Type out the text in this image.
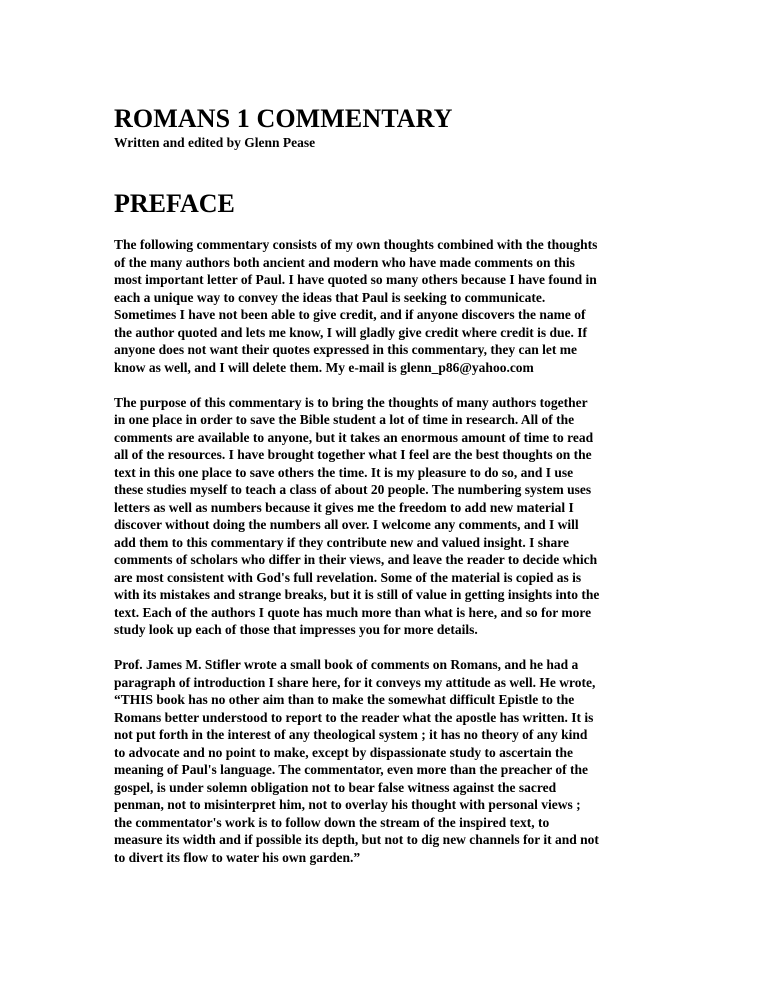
ROMANS 1 COMMENTARY

Written and edited by Glenn Pease

PREFACE

The following commentary consists of my own thoughts combined with the thoughts
of the many authors both ancient and modern who have made comments on this
most important letter of Paul. I have quoted so many others because I have found in
each a unique way to convey the ideas that Paul is seeking to communicate.
Sometimes I have not been able to give credit, and if anyone discovers the name of
the author quoted and lets me know, I will gladly give credit where credit is due. If
anyone does not want their quotes expressed in this commentary, they can let me
know as well, and I will delete them. My e-mail is glenn_p86@yahoo.com

The purpose of this commentary is to bring the thoughts of many authors together
in one place in order to save the Bible student a lot of time in research. All of the
comments are available to anyone, but it takes an enormous amount of time to read
all of the resources. I have brought together what I feel are the best thoughts on the
text in this one place to save others the time. It is my pleasure to do so, and I use
these studies myself to teach a class of about 20 people. The numbering system uses
letters as well as numbers because it gives me the freedom to add new material I
discover without doing the numbers all over. I welcome any comments, and I will
add them to this commentary if they contribute new and valued insight. I share
comments of scholars who differ in their views, and leave the reader to decide which
are most consistent with God's full revelation. Some of the material is copied as is
with its mistakes and strange breaks, but it is still of value in getting insights into the
text. Each of the authors I quote has much more than what is here, and so for more
study look up each of those that impresses you for more details.

Prof. James M. Stifler wrote a small book of comments on Romans, and he had a
paragraph of introduction I share here, for it conveys my attitude as well. He wrote,
“THIS book has no other aim than to make the somewhat difficult Epistle to the
Romans better understood to report to the reader what the apostle has written. It is
not put forth in the interest of any theological system ; it has no theory of any kind
to advocate and no point to make, except by dispassionate study to ascertain the
meaning of Paul's language. The commentator, even more than the preacher of the
gospel, is under solemn obligation not to bear false witness against the sacred
penman, not to misinterpret him, not to overlay his thought with personal views ;
the commentator's work is to follow down the stream of the inspired text, to
measure its width and if possible its depth, but not to dig new channels for it and not
to divert its flow to water his own garden.”
